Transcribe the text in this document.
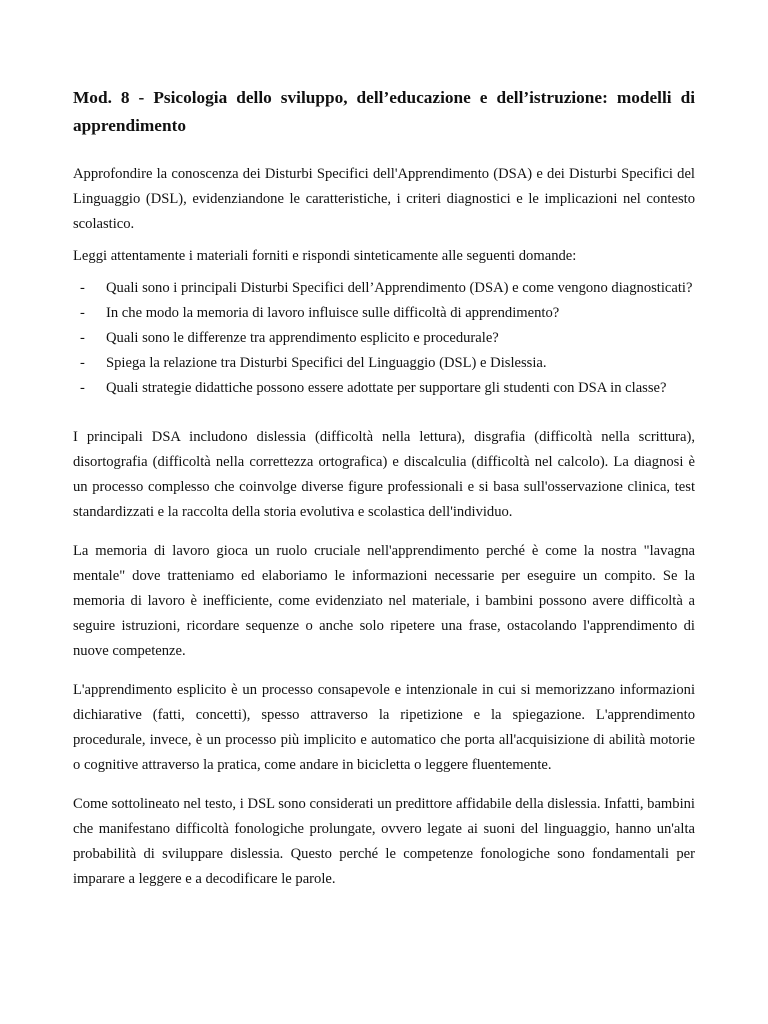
Mod. 8 - Psicologia dello sviluppo, dell’educazione e dell’istruzione: modelli di apprendimento

Approfondire la conoscenza dei Disturbi Specifici dell'Apprendimento (DSA) e dei Disturbi Specifici del Linguaggio (DSL), evidenziandone le caratteristiche, i criteri diagnostici e le implicazioni nel contesto scolastico.

Leggi attentamente i materiali forniti e rispondi sinteticamente alle seguenti domande:

- Quali sono i principali Disturbi Specifici dell’Apprendimento (DSA) e come vengono diagnosticati?
- In che modo la memoria di lavoro influisce sulle difficoltà di apprendimento?
- Quali sono le differenze tra apprendimento esplicito e procedurale?
- Spiega la relazione tra Disturbi Specifici del Linguaggio (DSL) e Dislessia.
- Quali strategie didattiche possono essere adottate per supportare gli studenti con DSA in classe?

I principali DSA includono dislessia (difficoltà nella lettura), disgrafia (difficoltà nella scrittura), disortografia (difficoltà nella correttezza ortografica) e discalculia (difficoltà nel calcolo). La diagnosi è un processo complesso che coinvolge diverse figure professionali e si basa sull'osservazione clinica, test standardizzati e la raccolta della storia evolutiva e scolastica dell'individuo.

La memoria di lavoro gioca un ruolo cruciale nell'apprendimento perché è come la nostra "lavagna mentale" dove tratteniamo ed elaboriamo le informazioni necessarie per eseguire un compito. Se la memoria di lavoro è inefficiente, come evidenziato nel materiale, i bambini possono avere difficoltà a seguire istruzioni, ricordare sequenze o anche solo ripetere una frase, ostacolando l'apprendimento di nuove competenze.

L'apprendimento esplicito è un processo consapevole e intenzionale in cui si memorizzano informazioni dichiarative (fatti, concetti), spesso attraverso la ripetizione e la spiegazione. L'apprendimento procedurale, invece, è un processo più implicito e automatico che porta all'acquisizione di abilità motorie o cognitive attraverso la pratica, come andare in bicicletta o leggere fluentemente.

Come sottolineato nel testo, i DSL sono considerati un predittore affidabile della dislessia. Infatti, bambini che manifestano difficoltà fonologiche prolungate, ovvero legate ai suoni del linguaggio, hanno un'alta probabilità di sviluppare dislessia. Questo perché le competenze fonologiche sono fondamentali per imparare a leggere e a decodificare le parole.
